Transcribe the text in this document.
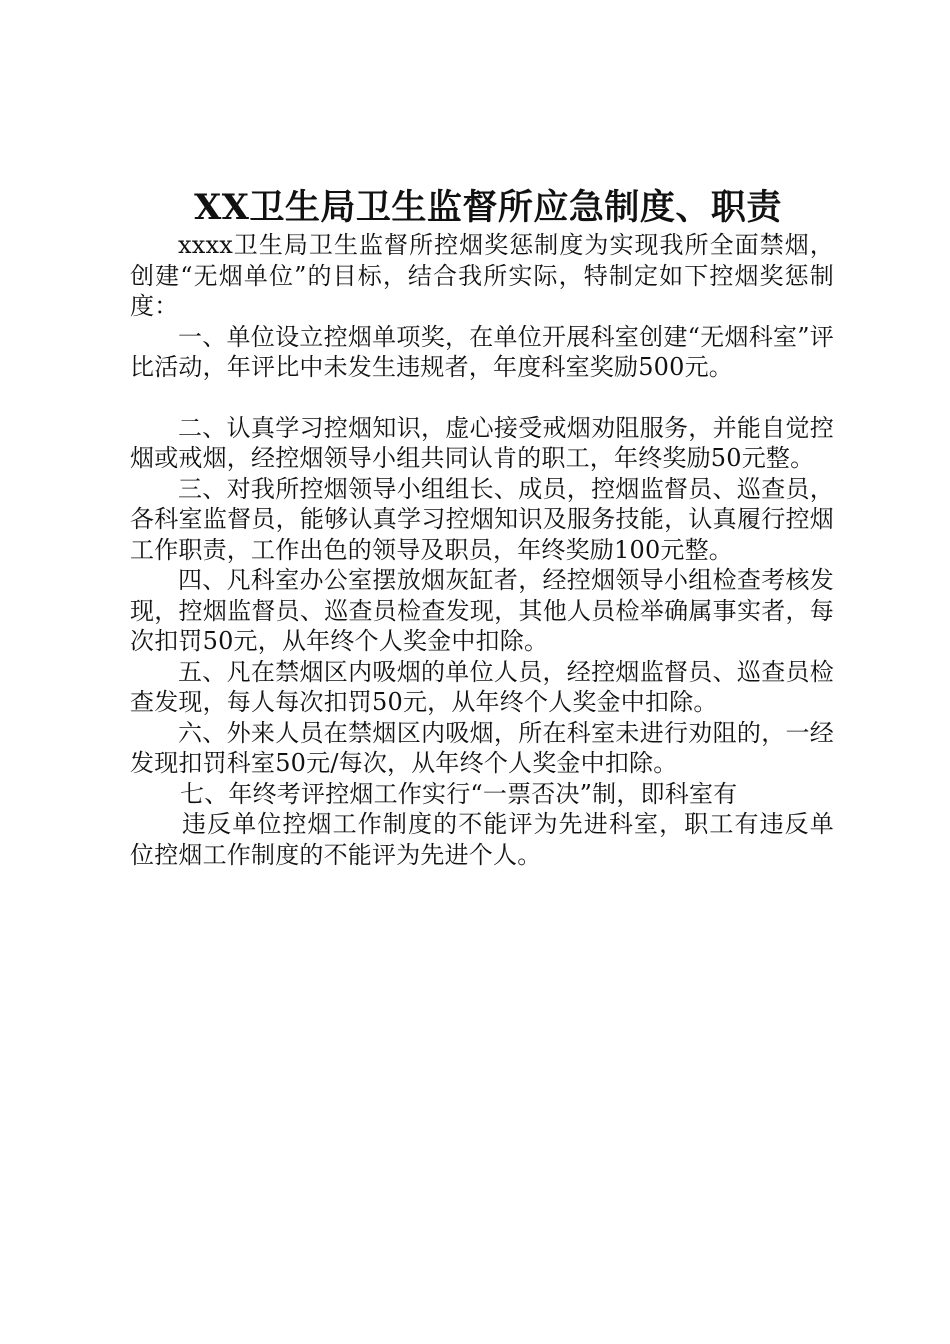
XX卫生局卫生监督所应急制度、职责

xxxx卫生局卫生监督所控烟奖惩制度为实现我所全面禁烟，创建“无烟单位”的目标，结合我所实际，特制定如下控烟奖惩制度：

一、单位设立控烟单项奖，在单位开展科室创建“无烟科室”评比活动，年评比中未发生违规者，年度科室奖励500元。

二、认真学习控烟知识，虚心接受戒烟劝阻服务，并能自觉控烟或戒烟，经控烟领导小组共同认肯的职工，年终奖励50元整。

三、对我所控烟领导小组组长、成员，控烟监督员、巡查员，各科室监督员，能够认真学习控烟知识及服务技能，认真履行控烟工作职责，工作出色的领导及职员，年终奖励100元整。

四、凡科室办公室摆放烟灰缸者，经控烟领导小组检查考核发现，控烟监督员、巡查员检查发现，其他人员检举确属事实者，每次扣罚50元，从年终个人奖金中扣除。

五、凡在禁烟区内吸烟的单位人员，经控烟监督员、巡查员检查发现，每人每次扣罚50元，从年终个人奖金中扣除。

六、外来人员在禁烟区内吸烟，所在科室未进行劝阻的，一经发现扣罚科室50元/每次，从年终个人奖金中扣除。

七、年终考评控烟工作实行“一票否决”制，即科室有

违反单位控烟工作制度的不能评为先进科室，职工有违反单位控烟工作制度的不能评为先进个人。
